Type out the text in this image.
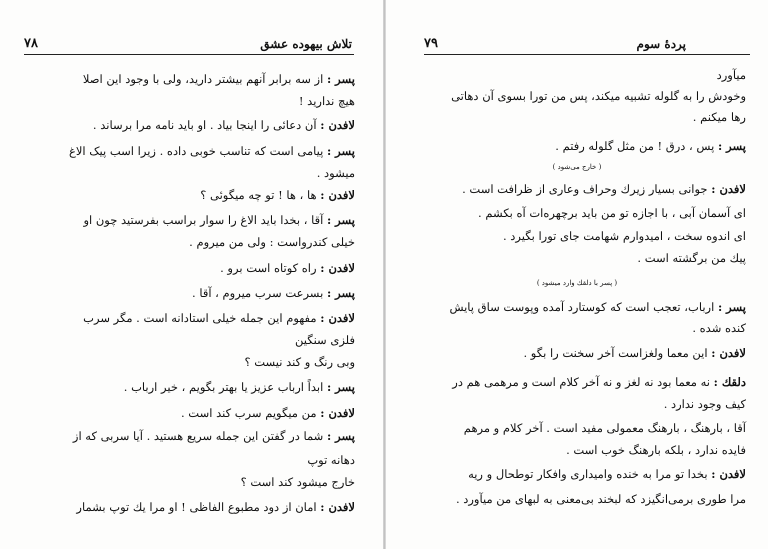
۷۸	تلاش بیهوده عشق
پسر : از سه برابر آنهم بیشتر دارید، ولی با وجود این اصلا
هیچ ندارید !
لافدن : آن دعائی را اینجا بیاد . او باید نامه مرا برساند .
پسر : پیامی است که تناسب خوبی داده . زیرا اسب پیک الاغ
میشود .
لافدن : ها ، ها ! تو چه میگوئی ؟
پسر : آقا ، بخدا باید الاغ را سوار براسب بفرستید چون او
خیلی کندرواست : ولی من میروم .
لافدن : راه کوتاه است برو .
پسر : بسرعت سرب میروم ، آقا .
لافدن : مفهوم این جمله خیلی استادانه است . مگر سرب
فلزی سنگین
وبی رنگ و کند نیست ؟
پسر : ابداً ارباب عزیز یا بهتر بگویم ، خیر ارباب .
لافدن : من میگویم سرب کند است .
پسر : شما در گفتن این جمله سریع هستید . آیا سربی که از
دهانه توپ
خارج میشود کند است ؟
لافدن : امان از دود مطبوع الفاظی ! او مرا یك توپ بشمار
۷۹	پردهٔ سوم
میآورد
وخودش را به گلوله تشبیه میکند، پس من تورا بسوی آن دهاتی
رها میکنم .
پسر : پس ، درق ! من مثل گلوله رفتم .
( خارج می‌شود )
لافدن : جوانی بسیار زیرك وحراف وعاری از ظرافت است .
ای آسمان آبی ، با اجازه تو من باید برچهره‌ات آه بکشم .
ای اندوه سخت ، امیدوارم شهامت جای تورا بگیرد .
پیك من برگشته است .
( پسر با دلقك وارد میشود )
پسر : ارباب، تعجب است که کوستارد آمده وپوست ساق پایش
کنده شده .
لافدن : این معما ولغزاست آخر سخنت را بگو .
دلقك : نه معما بود نه لغز و نه آخر کلام است و مرهمی هم در
کیف وجود ندارد .
آقا ، بارهنگ ، بارهنگ معمولی مفید است . آخر کلام و مرهم
فایده ندارد ، بلکه بارهنگ خوب است .
لافدن : بخدا تو مرا به خنده وامیداری وافکار توطحال و ریه
مرا طوری برمی‌انگیزد که لبخند بی‌معنی به لبهای من میآورد .
